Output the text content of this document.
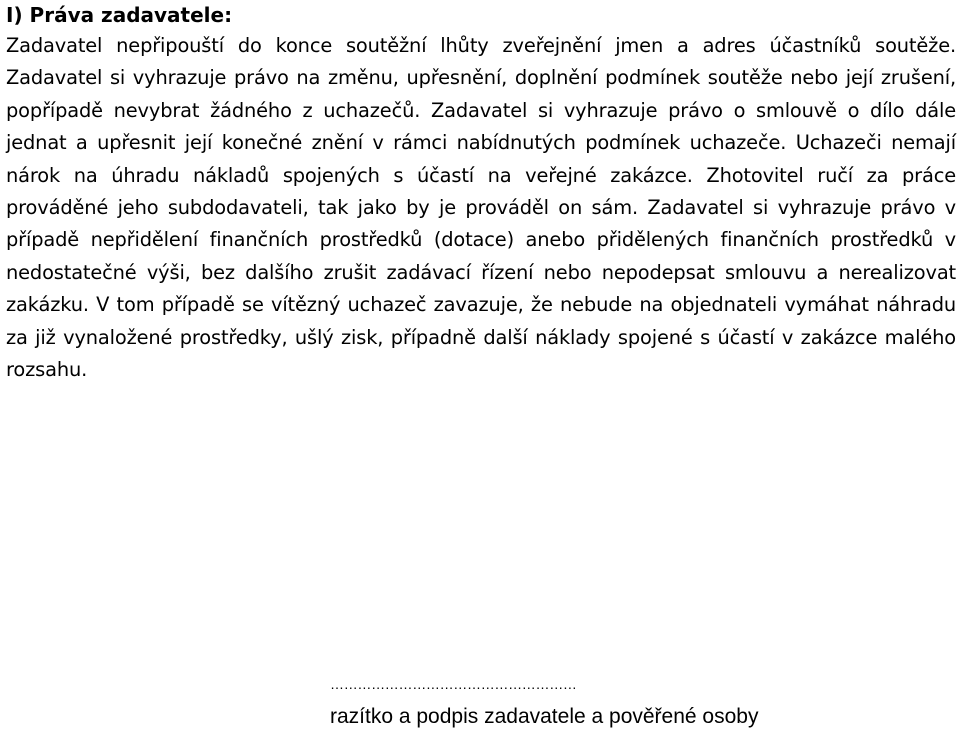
I) Práva zadavatele:

Zadavatel nepřipouští do konce soutěžní lhůty zveřejnění jmen a adres účastníků soutěže. Zadavatel si vyhrazuje právo na změnu, upřesnění, doplnění podmínek soutěže nebo její zrušení, popřípadě nevybrat žádného z uchazečů. Zadavatel si vyhrazuje právo o smlouvě o dílo dále jednat a upřesnit její konečné znění v rámci nabídnutých podmínek uchazeče. Uchazeči nemají nárok na úhradu nákladů spojených s účastí na veřejné zakázce. Zhotovitel ručí za práce prováděné jeho subdodavateli, tak jako by je prováděl on sám. Zadavatel si vyhrazuje právo v případě nepřidělení finančních prostředků (dotace) anebo přidělených finančních prostředků v nedostatečné výši, bez dalšího zrušit zadávací řízení nebo nepodepsat smlouvu a nerealizovat zakázku. V tom případě se vítězný uchazeč zavazuje, že nebude na objednateli vymáhat náhradu za již vynaložené prostředky, ušlý zisk, případně další náklady spojené s účastí v zakázce malého rozsahu.

………………………………………………
razítko a podpis zadavatele a pověřené osoby
